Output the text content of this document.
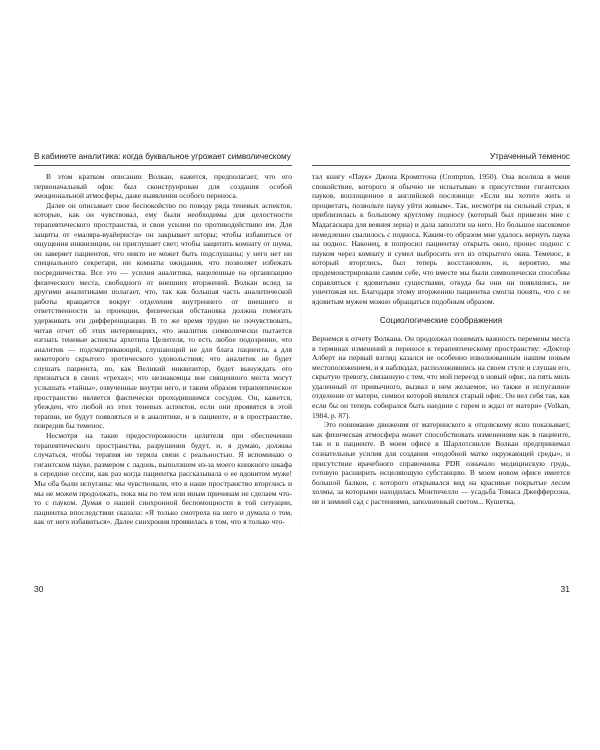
В кабинете аналитика: когда буквальное угрожает символическому

В этом кратком описании Волкан, кажется, предполагает, что его первоначальный офис был сконструирован для создания особой эмоциональной атмосферы, даже выявления особого переноса.

Далее он описывает свое беспокойство по поводу ряда теневых аспектов, которые, как он чувствовал, ему были необходимы для целостности терапевтического пространства, и свои усилия по противодействию им. Для защиты от «маляра-вуайериста» он закрывает шторы; чтобы избавиться от ощущения инквизиции, он приглушает свет; чтобы защитить комнату от шума, он заверяет пациентов, что никто не может быть подслушаны; у него нет ни специального секретаря, ни комнаты ожидания, что позволяет избежать посредничества. Все это — усилия аналитика, нацеленные на организацию физического места, свободного от внешних вторжений. Волкан вслед за другими аналитиками полагает, что, так как большая часть аналитической работы вращается вокруг отделения внутреннего от внешнего и ответственности за проекции, физическая обстановка должна помогать удерживать эти дифференциации. В то же время трудно не почувствовать, читая отчет об этих интервенциях, что аналитик символически пытается изгнать теневые аспекты архетипа Целителя, то есть любое подозрение, что аналитик — подсматривающий, слушающий не для блага пациента, а для некоторого скрытого эротического удовольствия; что аналитик не будет слушать пациента, но, как Великий инквизитор, будет вынуждать его признаться в своих «грехах»; что незнакомцы вне священного места могут услышать «тайны», озвученные внутри него, и таким образом терапевтическое пространство является фактически проходившимся сосудом. Он, кажется, убежден, что любой из этих теневых аспектов, если они проявятся в этой терапии, не будут появляться и в аналитике, и в пациенте, и в пространстве, повредив бы теменос.

Несмотря на такие предосторожности целителя при обеспечении терапевтического пространства, разрушения будут, и, я думаю, должны случаться, чтобы терапия не теряла связи с реальностью. Я вспоминаю о гигантском пауке, размером с ладонь, выползшем из-за моего книжного шкафа в середине сессии, как раз когда пациентка рассказывала о ее ядовитом муже! Мы оба были испуганы: мы чувствовали, что в наше пространство вторглись и мы не можем продолжать, пока мы по тем или иным причинам не сделаем что-то с пауком. Думая о нашей синхронной беспомощности в той ситуации, пациентка впоследствии сказала: «Я только смотрела на него и думала о том, как от него избавиться». Далее синхрония проявилась в том, что я только что-

30
Утраченный теменос

тал книгу «Паук» Джона Кромптона (Crompton, 1950). Она вселила в меня спокойствие, которого я обычно не испытываю в присутствии гигантских пауков, воплощенное в английской пословице: «Если вы хотите жить и процветать, позвольте пауку уйти живым». Так, несмотря на сильный страх, я приблизилась к большому круглому подносу (который был привезен мне с Мадагаскара для веяния зерна) и дала заползти на него. Но большое насекомое немедленно свалилось с подноса. Каким-то образом мне удалось вернуть паука на поднос. Наконец, я попросил пациентку открыть окно, пронес поднос с пауком через комнату и сумел выбросить его из открытого окна. Теменос, в который вторглись, был теперь восстановлен, и, вероятно, мы продемонстрировали самим себе, что вместе мы были символически способны справляться с ядовитыми существами, откуда бы они ни появлялись, не уничтожая их. Благодаря этому вторжению пациентка смогла понять, что с ее ядовитым мужем можно обращаться подобным образом.

Социологические соображения

Вернемся к отчету Волкана. Он продолжал понимать важность перемены места в терминах изменений в переносе к терапевтическому пространству: «Доктор Алберт на первый взгляд казался не особенно изволнованным нашим новым местоположением, и я наблюдал, расположившись на своем стуле и слушая его, скрытую тревогу, связанную с тем, что мой переезд в новый офис, на пять миль удаленный от привычного, вызвал в нем желаемое, но также и испуганное отделение от матери, символ которой являлся старый офис. Он вел себя так, как если бы он теперь собирался быть наедине с горем и ждал от матери» (Volkan, 1984, p. 87).

Это понимание движения от материнского к отцовскому ясно показывает, как физическая атмосфера может способствовать изменениям как в пациенте, так и в пациенте. В моем офисе в Шарлотсвилле Волкан предпринимал сознательные усилия для создания «подобной матке окружающей среды», и присутствие врачебного справочника PDR означало медицинскую грудь, готовую расширить исцеляющую субстанцию. В моем новом офисе имеется большой балкон, с которого открывался вид на красивые покрытые лесом холмы, за которыми находилась Монтичелло — усадьба Томаса Джефферсона, не и зимний сад с растениями, заполненный светом... Кушетка,

31
